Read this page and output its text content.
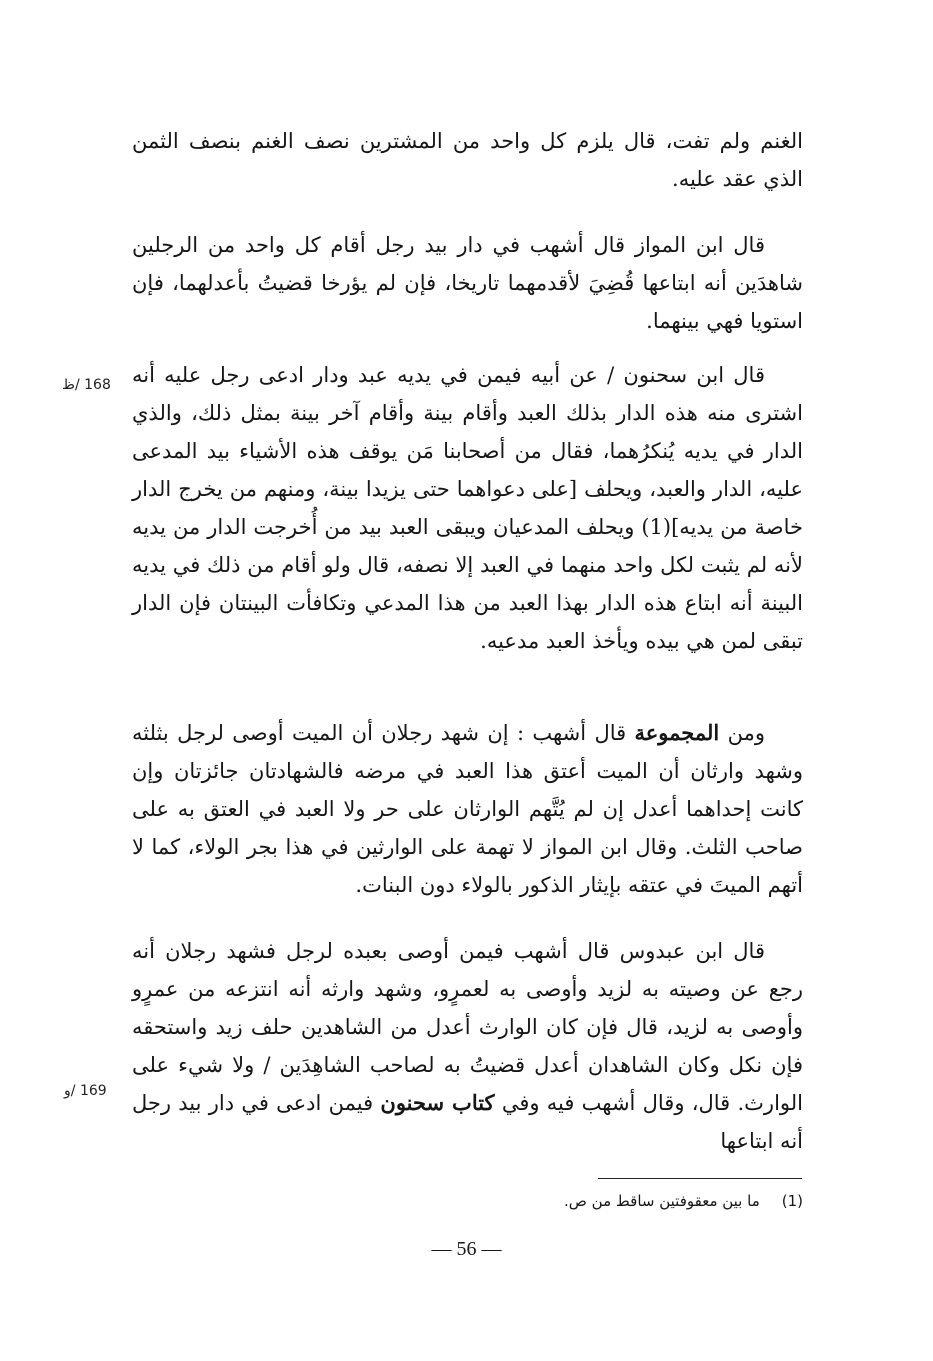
الغنم ولم تفت، قال يلزم كل واحد من المشترين نصف الغنم بنصف الثمن الذي عقد عليه.

قال ابن المواز قال أشهب في دار بيد رجل أقام كل واحد من الرجلين شاهدَين أنه ابتاعها قُضِيَ لأقدمهما تاريخا، فإن لم يؤرخا قضيتُ بأعدلهما، فإن استويا فهي بينهما.

قال ابن سحنون / عن أبيه فيمن في يديه عبد ودار ادعى رجل عليه أنه اشترى منه هذه الدار بذلك العبد وأقام بينة وأقام آخر بينة بمثل ذلك، والذي الدار في يديه يُنكرُهما، فقال من أصحابنا مَن يوقف هذه الأشياء بيد المدعى عليه، الدار والعبد، ويحلف [على دعواهما حتى يزيدا بينة، ومنهم من يخرج الدار خاصة من يديه](1) ويحلف المدعيان ويبقى العبد بيد من أُخرجت الدار من يديه لأنه لم يثبت لكل واحد منهما في العبد إلا نصفه، قال ولو أقام من ذلك في يديه البينة أنه ابتاع هذه الدار بهذا العبد من هذا المدعي وتكافأت البينتان فإن الدار تبقى لمن هي بيده ويأخذ العبد مدعيه.

ومن المجموعة قال أشهب : إن شهد رجلان أن الميت أوصى لرجل بثلثه وشهد وارثان أن الميت أعتق هذا العبد في مرضه فالشهادتان جائزتان وإن كانت إحداهما أعدل إن لم يُتَّهم الوارثان على حر ولا العبد في العتق به على صاحب الثلث. وقال ابن المواز لا تهمة على الوارثين في هذا بجر الولاء، كما لا أتهم الميتَ في عتقه بإيثار الذكور بالولاء دون البنات.

قال ابن عبدوس قال أشهب فيمن أوصى بعبده لرجل فشهد رجلان أنه رجع عن وصيته به لزيد وأوصى به لعمرٍو، وشهد وارثه أنه انتزعه من عمرٍو وأوصى به لزيد، قال فإن كان الوارث أعدل من الشاهدين حلف زيد واستحقه فإن نكل وكان الشاهدان أعدل قضيتُ به لصاحب الشاهِدَين / ولا شيء على الوارث. قال، وقال أشهب فيه وفي كتاب سحنون فيمن ادعى في دار بيد رجل أنه ابتاعها

168 /ظ
169 /و
(1)ما بين معقوفتين ساقط من ص.
— 56 —
